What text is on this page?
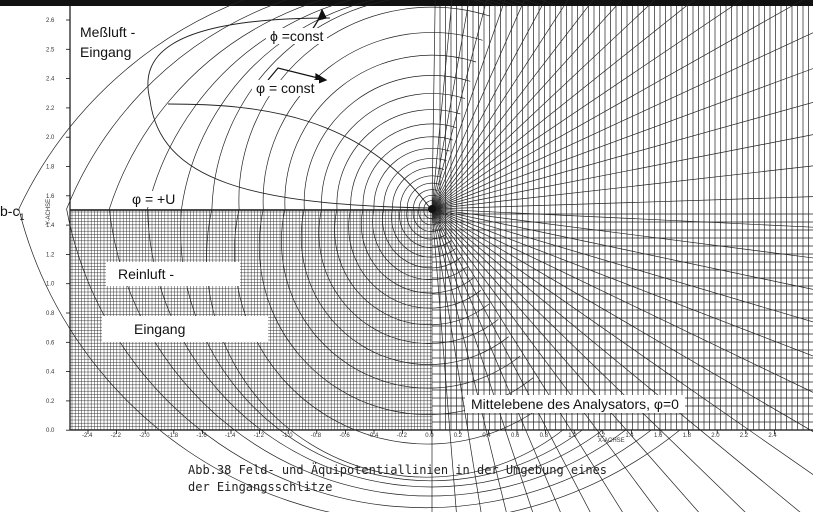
2.6
2.5
2.4
2.2
2.0
1.8
1.6
1.4
1.2
1.0
0.8
0.6
0.4
0.2
0.0
-2.4	-2.2	-2.0	-1.8	-1.6	-1.4	-1.2	-1.0	-0.8	-0.6	-0.4	-0.2	0.0	0.2	0.4	0.6	0.8	1.0	1.2	1.4	1.6	1.8	2.0	2.2	2.4
Y-ACHSE
X-ACHSE
Meßluft -
Eingang
ϕ =const
φ = const
φ = +U
$b-c_1$
Reinluft -
Eingang
Mittelebene des Analysators, φ=0
Abb.38 Feld- und Äquipotentiallinien in der Umgebung eines
der Eingangsschlitze
